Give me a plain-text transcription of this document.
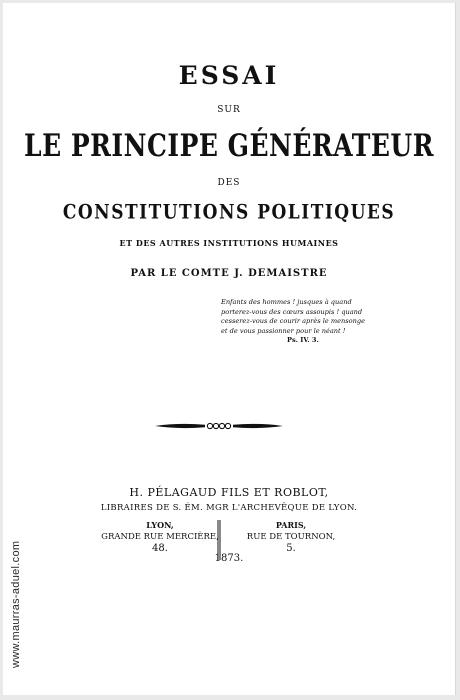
ESSAI
SUR
LE PRINCIPE GÉNÉRATEUR
DES
CONSTITUTIONS POLITIQUES
ET DES AUTRES INSTITUTIONS HUMAINES
PAR LE COMTE J. DEMAISTRE
Enfants des hommes ! jusques à quand
porterez-vous des cœurs assoupis ! quand
cesserez-vous de courir après le mensonge
et de vous passionner pour le néant !
Ps. IV. 3.
H. PÉLAGAUD FILS ET ROBLOT,
LIBRAIRES DE S. ÉM. MGR L'ARCHEVÊQUE DE LYON.
LYON,
GRANDE RUE MERCIÈRE,
48.
PARIS,
RUE DE TOURNON,
5.
1873.
www.maurras-aduel.com
